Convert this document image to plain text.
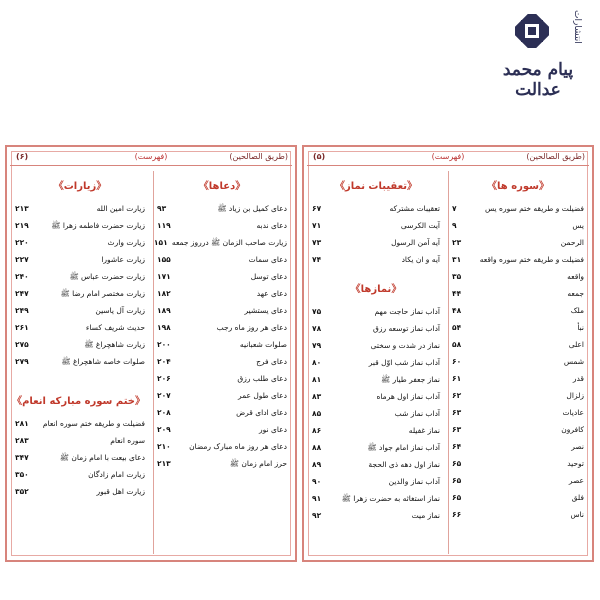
انتشارات
پیام محمد عدالت
(طریق الصالحین)
(فهرست)
(۶)
《دعاها》
دعای کمیل بن زیاد ﷺ
۹۳
دعای ندبه
۱۱۹
زیارت صاحب الزمان ﷺ درروز جمعه
۱۵۱
دعای سمات
۱۵۵
دعای توسل
۱۷۱
دعای عهد
۱۸۲
دعای یستشیر
۱۸۹
دعای هر روز ماه رجب
۱۹۸
صلوات شعبانیه
۲۰۰
دعای فرج
۲۰۴
دعای طلب رزق
۲۰۶
دعای طول عمر
۲۰۷
دعای ادای قرض
۲۰۸
دعای نور
۲۰۹
دعای هر روز ماه مبارک رمضان
۲۱۰
حرز امام زمان ﷺ
۲۱۳
《زیارات》
زیارت امین الله
۲۱۳
زیارت حضرت فاطمه زهرا ﷺ
۲۱۹
زیارت وارث
۲۲۰
زیارت عاشورا
۲۲۷
زیارت حضرت عباس ﷺ
۲۴۰
زیارت مختصر امام رضا ﷺ
۲۴۷
زیارت آل یاسین
۲۴۹
حدیث شریف کساء
۲۶۱
زیارت شاهچراغ ﷺ
۲۷۵
صلوات خاصه شاهچراغ ﷺ
۲۷۹
《ختم سوره مبارکه انعام》
فضیلت و طریقه ختم سوره انعام
۲۸۱
سوره انعام
۲۸۳
دعای بیعت با امام زمان ﷺ
۳۴۷
زیارت امام زادگان
۳۵۰
زیارت اهل قبور
۳۵۲
(طریق الصالحین)
(فهرست)
(۵)
《سوره ها》
فضیلت و طریقه ختم سوره یس
۷
یس
۹
الرحمن
۲۳
فضیلت و طریقه ختم سوره واقعه
۳۱
واقعه
۳۵
جمعه
۴۴
ملک
۴۸
نبأ
۵۴
اعلی
۵۸
شمس
۶۰
قدر
۶۱
زلزال
۶۲
عادیات
۶۳
کافرون
۶۳
نصر
۶۴
توحید
۶۵
عصر
۶۵
فلق
۶۵
ناس
۶۶
《تعقیبات نماز》
تعقیبات مشترکه
۶۷
آیت الکرسی
۷۱
آیه آمن الرسول
۷۳
آیه و ان یکاد
۷۴
《نمازها》
آداب نماز حاجت مهم
۷۵
آداب نماز توسعه رزق
۷۸
نماز در شدت و سختی
۷۹
آداب نماز شب اوّل قبر
۸۰
نماز جعفر طیار ﷺ
۸۱
آداب نماز اول هرماه
۸۳
آداب نماز شب
۸۵
نماز غفیله
۸۶
آداب نماز امام جواد ﷺ
۸۸
نماز اول دهه ذی الحجة
۸۹
آداب نماز والدین
۹۰
نماز استغاثه به حضرت زهرا ﷺ
۹۱
نماز میت
۹۲
